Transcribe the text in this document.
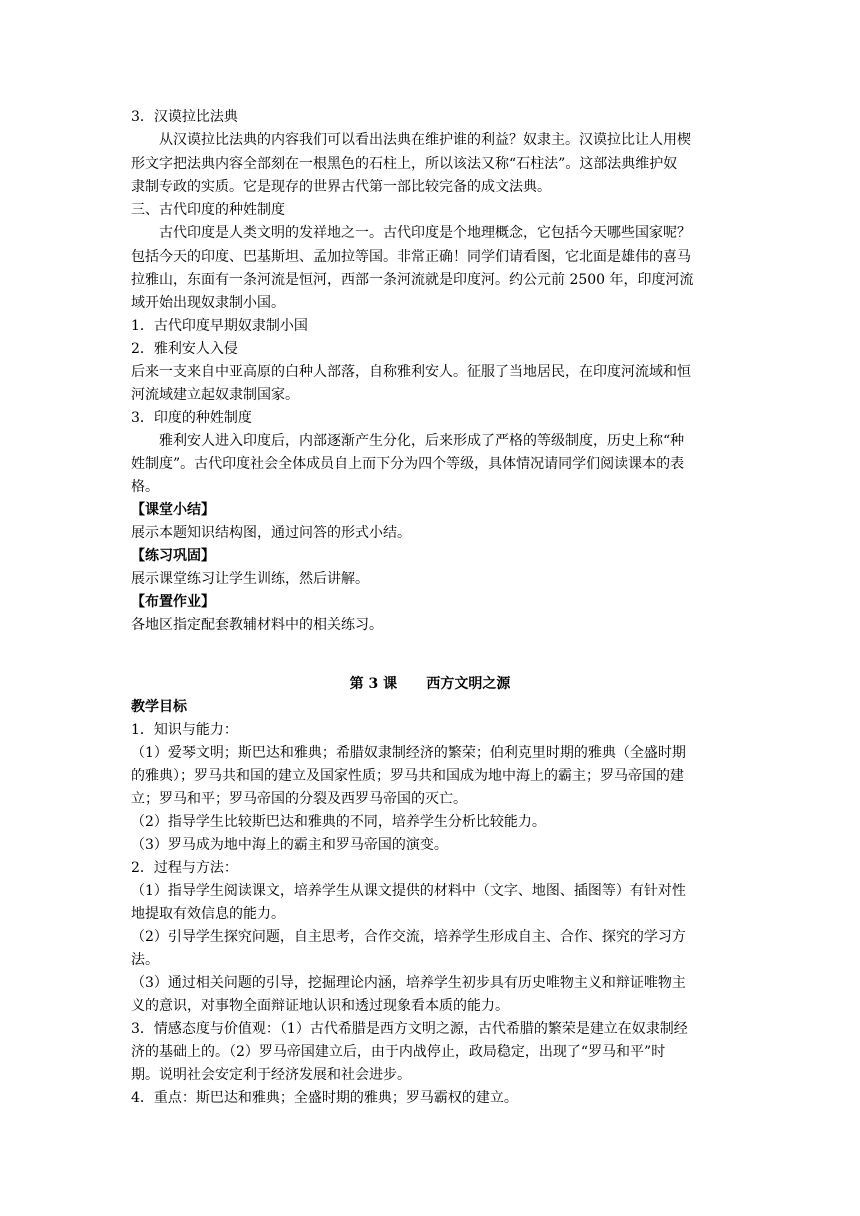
3．汉谟拉比法典
从汉谟拉比法典的内容我们可以看出法典在维护谁的利益？奴隶主。汉谟拉比让人用楔
形文字把法典内容全部刻在一根黑色的石柱上，所以该法又称“石柱法”。这部法典维护奴
隶制专政的实质。它是现存的世界古代第一部比较完备的成文法典。
三、古代印度的种姓制度
古代印度是人类文明的发祥地之一。古代印度是个地理概念，它包括今天哪些国家呢？
包括今天的印度、巴基斯坦、孟加拉等国。非常正确！同学们请看图，它北面是雄伟的喜马
拉雅山，东面有一条河流是恒河，西部一条河流就是印度河。约公元前 2500 年，印度河流
域开始出现奴隶制小国。
1．古代印度早期奴隶制小国
2．雅利安人入侵
后来一支来自中亚高原的白种人部落，自称雅利安人。征服了当地居民，在印度河流域和恒
河流域建立起奴隶制国家。
3．印度的种姓制度
雅利安人进入印度后，内部逐渐产生分化，后来形成了严格的等级制度，历史上称“种
姓制度”。古代印度社会全体成员自上而下分为四个等级，具体情况请同学们阅读课本的表
格。
【课堂小结】
展示本题知识结构图，通过问答的形式小结。
【练习巩固】
展示课堂练习让学生训练，然后讲解。
【布置作业】
各地区指定配套教辅材料中的相关练习。
第 3 课      西方文明之源
教学目标
1．知识与能力：
（1）爱琴文明；斯巴达和雅典；希腊奴隶制经济的繁荣；伯利克里时期的雅典（全盛时期
的雅典）；罗马共和国的建立及国家性质；罗马共和国成为地中海上的霸主；罗马帝国的建
立；罗马和平；罗马帝国的分裂及西罗马帝国的灭亡。
（2）指导学生比较斯巴达和雅典的不同，培养学生分析比较能力。
（3）罗马成为地中海上的霸主和罗马帝国的演变。
2．过程与方法：
（1）指导学生阅读课文，培养学生从课文提供的材料中（文字、地图、插图等）有针对性
地提取有效信息的能力。
（2）引导学生探究问题，自主思考，合作交流，培养学生形成自主、合作、探究的学习方
法。
（3）通过相关问题的引导，挖掘理论内涵，培养学生初步具有历史唯物主义和辩证唯物主
义的意识，对事物全面辩证地认识和透过现象看本质的能力。
3．情感态度与价值观：（1）古代希腊是西方文明之源，古代希腊的繁荣是建立在奴隶制经
济的基础上的。（2）罗马帝国建立后，由于内战停止，政局稳定，出现了“罗马和平”时
期。说明社会安定利于经济发展和社会进步。
4．重点：斯巴达和雅典；全盛时期的雅典；罗马霸权的建立。
